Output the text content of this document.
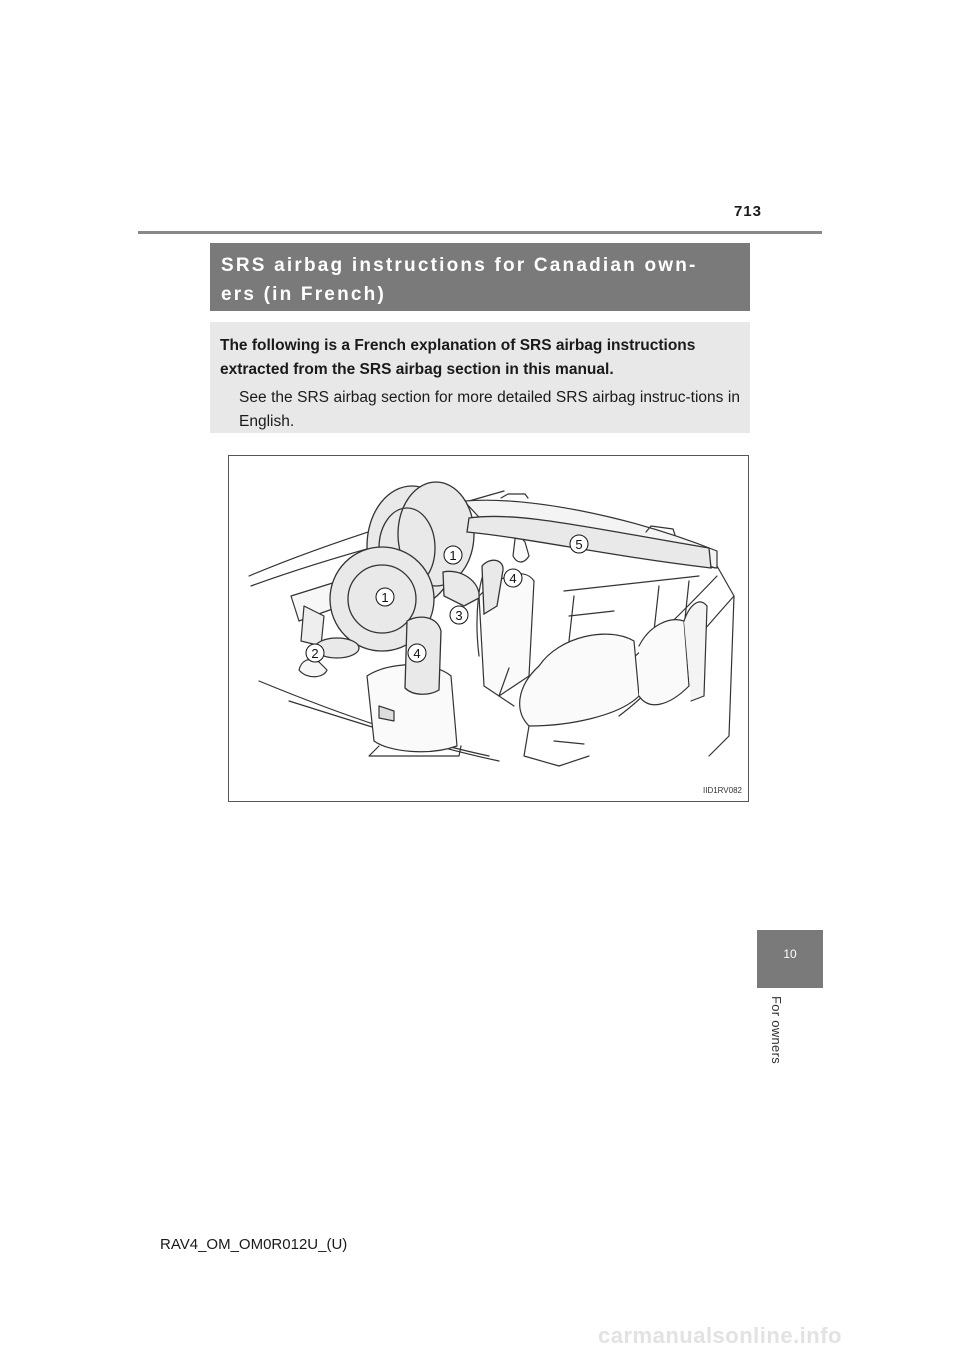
713
SRS airbag instructions for Canadian own-
ers (in French)

The following is a French explanation of SRS airbag instructions extracted from the SRS airbag section in this manual.

See the SRS airbag section for more detailed SRS airbag instruc-tions in English.

1
1
2
3
4
4
5
IID1RV082
10
For owners
RAV4_OM_OM0R012U_(U)
carmanualsonline.info
